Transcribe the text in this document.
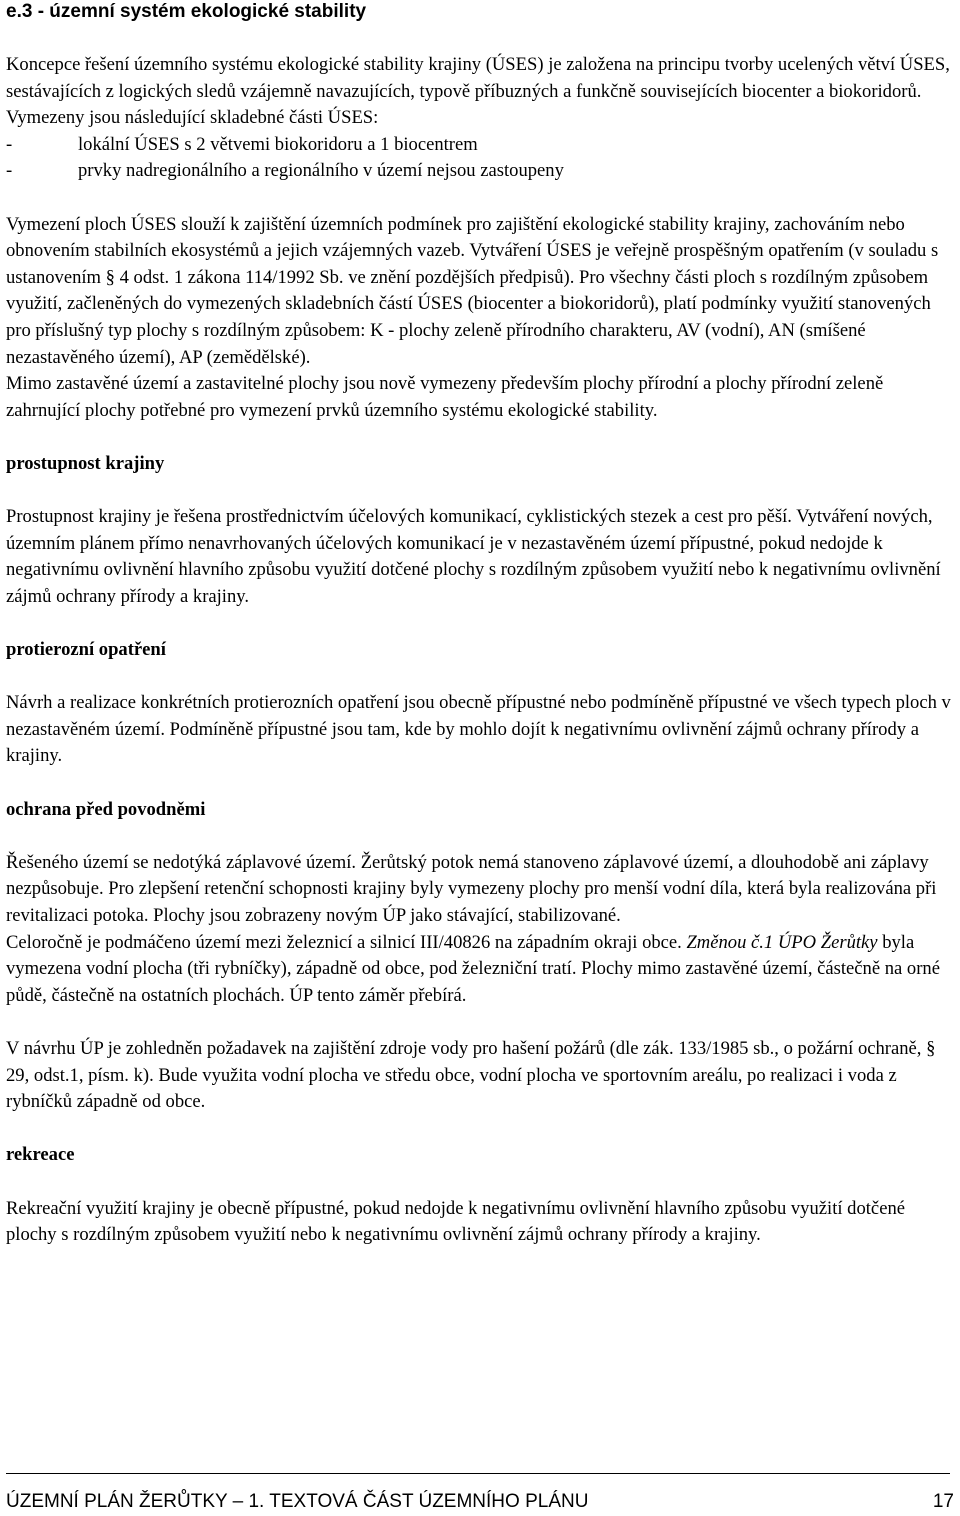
e.3 - územní systém ekologické stability

Koncepce řešení územního systému ekologické stability krajiny (ÚSES) je založena na principu tvorby ucelených větví ÚSES, sestávajících z logických sledů vzájemně navazujících, typově příbuzných a funkčně souvisejících biocenter a biokoridorů. Vymezeny jsou následující skladebné části ÚSES:

-	lokální ÚSES s 2 větvemi biokoridoru a 1 biocentrem
-	prvky nadregionálního a regionálního v území nejsou zastoupeny

Vymezení ploch ÚSES slouží k zajištění územních podmínek pro zajištění ekologické stability krajiny, zachováním nebo obnovením stabilních ekosystémů a jejich vzájemných vazeb. Vytváření ÚSES je veřejně prospěšným opatřením (v souladu s ustanovením § 4 odst. 1 zákona 114/1992 Sb. ve znění pozdějších předpisů). Pro všechny části ploch s rozdílným způsobem využití, začleněných do vymezených skladebních částí ÚSES (biocenter a biokoridorů), platí podmínky využití stanovených pro příslušný typ plochy s rozdílným způsobem: K - plochy zeleně přírodního charakteru, AV (vodní), AN (smíšené nezastavěného území), AP (zemědělské).

Mimo zastavěné území a zastavitelné plochy jsou nově vymezeny především plochy přírodní a plochy přírodní zeleně zahrnující plochy potřebné pro vymezení prvků územního systému ekologické stability.

prostupnost krajiny

Prostupnost krajiny je řešena prostřednictvím účelových komunikací, cyklistických stezek a cest pro pěší. Vytváření nových, územním plánem přímo nenavrhovaných účelových komunikací je v nezastavěném území přípustné, pokud nedojde k negativnímu ovlivnění hlavního způsobu využití dotčené plochy s rozdílným způsobem využití nebo k negativnímu ovlivnění zájmů ochrany přírody a krajiny.

protierozní opatření

Návrh a realizace konkrétních protierozních opatření jsou obecně přípustné nebo podmíněně přípustné ve všech typech ploch v nezastavěném území. Podmíněně přípustné jsou tam, kde by mohlo dojít k negativnímu ovlivnění zájmů ochrany přírody a krajiny.

ochrana před povodněmi

Řešeného území se nedotýká záplavové území. Žerůtský potok nemá stanoveno záplavové území, a dlouhodobě ani záplavy nezpůsobuje. Pro zlepšení retenční schopnosti krajiny byly vymezeny plochy pro menší vodní díla, která byla realizována při revitalizaci potoka. Plochy jsou zobrazeny novým ÚP jako stávající, stabilizované.

Celoročně je podmáčeno území mezi železnicí a silnicí III/40826 na západním okraji obce. Změnou č.1 ÚPO Žerůtky byla vymezena vodní plocha (tři rybníčky), západně od obce, pod železniční tratí. Plochy mimo zastavěné území, částečně na orné půdě, částečně na ostatních plochách. ÚP tento záměr přebírá.

V návrhu ÚP je zohledněn požadavek na zajištění zdroje vody pro hašení požárů (dle zák. 133/1985 sb., o požární ochraně, § 29, odst.1, písm. k). Bude využita vodní plocha ve středu obce, vodní plocha ve sportovním areálu, po realizaci i voda z rybníčků západně od obce.

rekreace

Rekreační využití krajiny je obecně přípustné, pokud nedojde k negativnímu ovlivnění hlavního způsobu využití dotčené plochy s rozdílným způsobem využití nebo k negativnímu ovlivnění zájmů ochrany přírody a krajiny.

ÚZEMNÍ PLÁN ŽERŮTKY – 1. TEXTOVÁ ČÁST ÚZEMNÍHO PLÁNU	17
